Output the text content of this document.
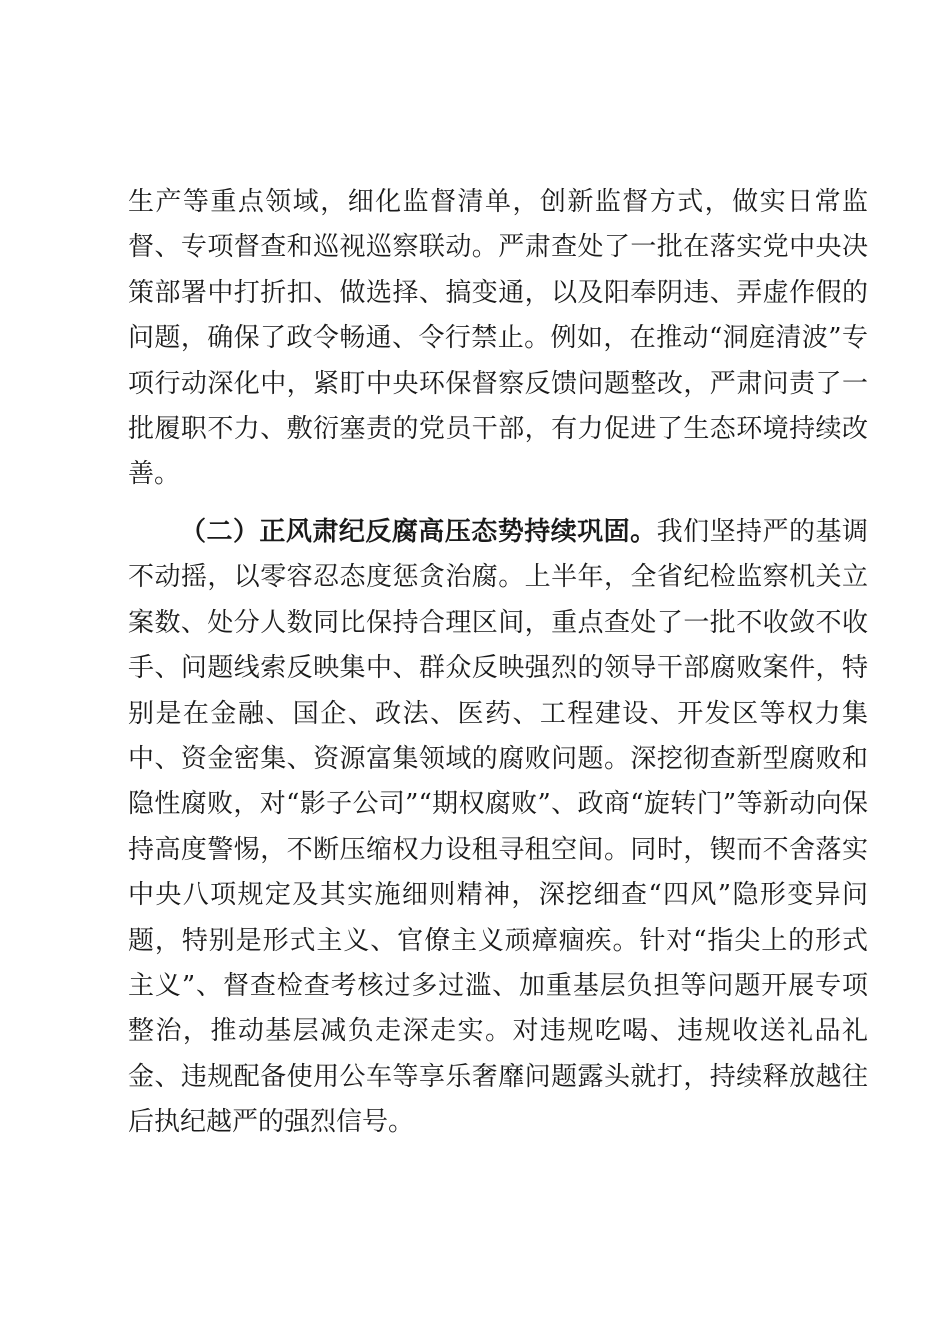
生产等重点领域，细化监督清单，创新监督方式，做实日常监督、专项督查和巡视巡察联动。严肃查处了一批在落实党中央决策部署中打折扣、做选择、搞变通，以及阳奉阴违、弄虚作假的问题，确保了政令畅通、令行禁止。例如，在推动“洞庭清波”专项行动深化中，紧盯中央环保督察反馈问题整改，严肃问责了一批履职不力、敷衍塞责的党员干部，有力促进了生态环境持续改善。

（二）正风肃纪反腐高压态势持续巩固。我们坚持严的基调不动摇，以零容忍态度惩贪治腐。上半年，全省纪检监察机关立案数、处分人数同比保持合理区间，重点查处了一批不收敛不收手、问题线索反映集中、群众反映强烈的领导干部腐败案件，特别是在金融、国企、政法、医药、工程建设、开发区等权力集中、资金密集、资源富集领域的腐败问题。深挖彻查新型腐败和隐性腐败，对“影子公司”“期权腐败”、政商“旋转门”等新动向保持高度警惕，不断压缩权力设租寻租空间。同时，锲而不舍落实中央八项规定及其实施细则精神，深挖细查“四风”隐形变异问题，特别是形式主义、官僚主义顽瘴痼疾。针对“指尖上的形式主义”、督查检查考核过多过滥、加重基层负担等问题开展专项整治，推动基层减负走深走实。对违规吃喝、违规收送礼品礼金、违规配备使用公车等享乐奢靡问题露头就打，持续释放越往后执纪越严的强烈信号。
